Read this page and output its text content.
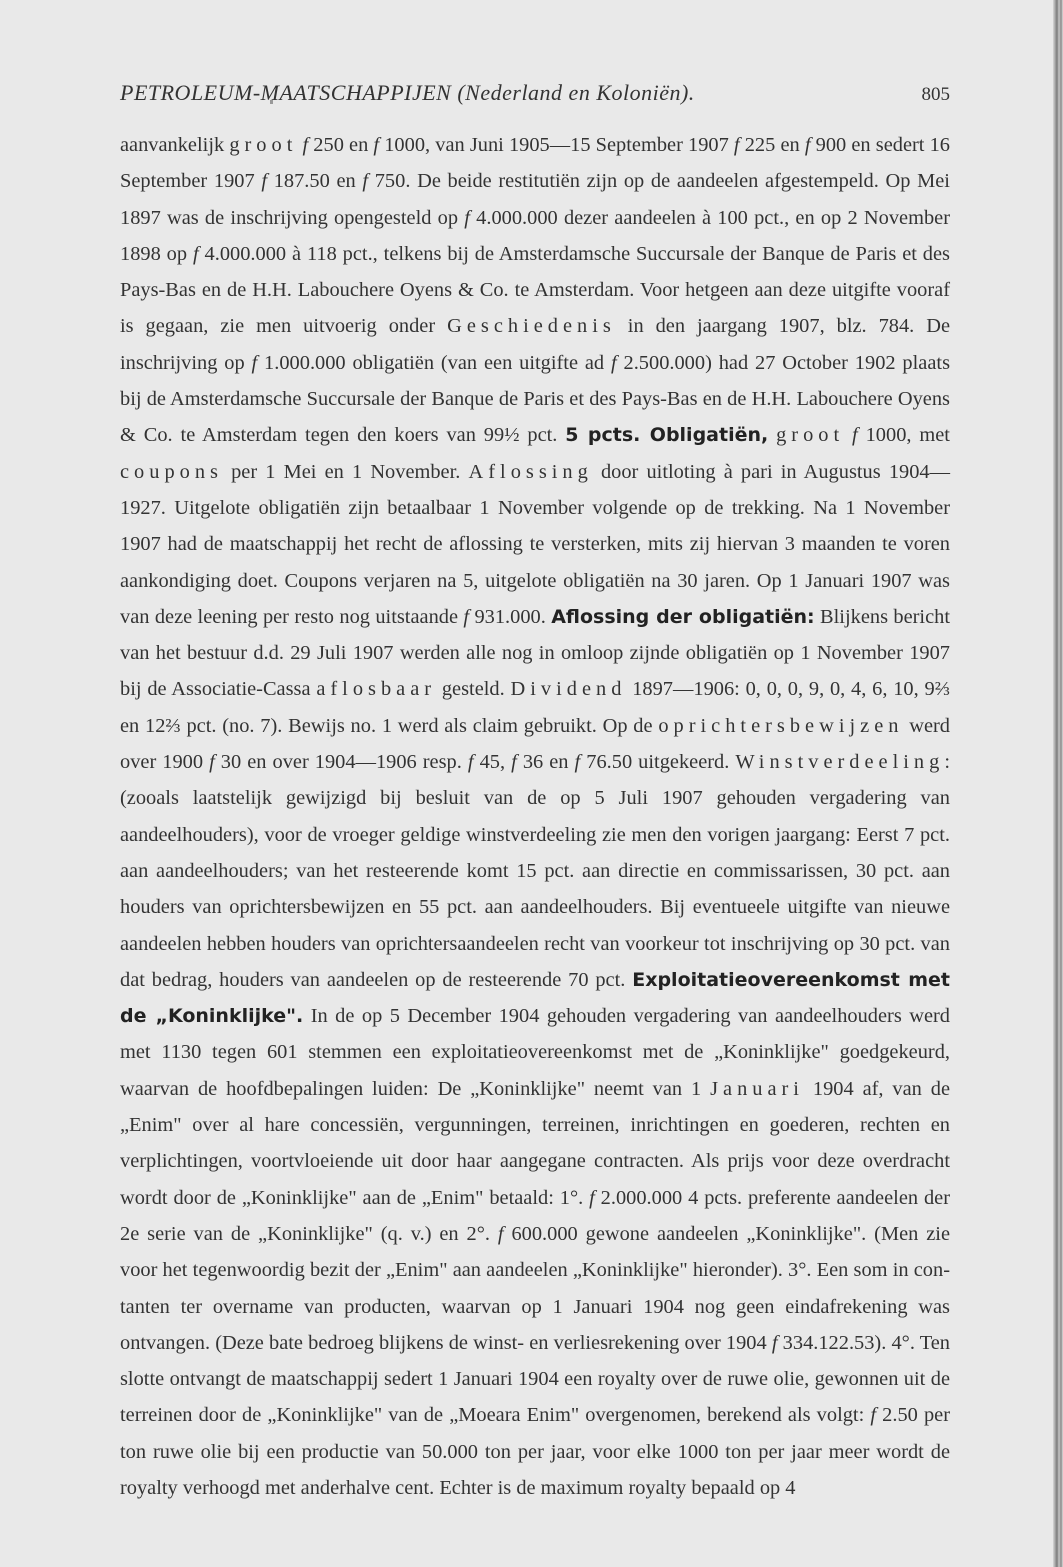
PETROLEUM-MAATSCHAPPIJEN (Nederland en Koloniën).	805
aanvankelijk groot f 250 en f 1000, van Juni 1905—15 September 1907 f 225 en f 900 en sedert 16 September 1907 f 187.50 en f 750. De beide restitutiën zijn op de aandeelen afgestempeld. Op Mei 1897 was de inschrijving opengesteld op f 4.000.000 dezer aandeelen à 100 pct., en op 2 November 1898 op f 4.000.000 à 118 pct., telkens bij de Amsterdamsche Succursale der Banque de Paris et des Pays-Bas en de H.H. Labouchere Oyens & Co. te Amsterdam. Voor hetgeen aan deze uitgifte vooraf is gegaan, zie men uitvoerig onder Geschiedenis in den jaargang 1907, blz. 784. De inschrijving op f 1.000.000 obligatiën (van een uitgifte ad f 2.500.000) had 27 October 1902 plaats bij de Amsterdamsche Succursale der Banque de Paris et des Pays-Bas en de H.H. Labouchere Oyens & Co. te Amsterdam tegen den koers van 99½ pct. 5 pcts. Obligatiën, groot f 1000, met coupons per 1 Mei en 1 November. Aflossing door uitloting à pari in Augustus 1904—1927. Uitgelote obligatiën zijn betaalbaar 1 November volgende op de trekking. Na 1 November 1907 had de maatschappij het recht de aflossing te versterken, mits zij hiervan 3 maanden te voren aankondiging doet. Coupons verjaren na 5, uitgelote obligatiën na 30 jaren. Op 1 Januari 1907 was van deze leening per resto nog uitstaande f 931.000. Aflossing der obligatiën: Blijkens bericht van het bestuur d.d. 29 Juli 1907 werden alle nog in omloop zijnde obligatiën op 1 November 1907 bij de Associatie-Cassa aflosbaar gesteld. Dividend 1897—1906: 0, 0, 0, 9, 0, 4, 6, 10, 9⅔ en 12⅔ pct. (no. 7). Bewijs no. 1 werd als claim gebruikt. Op de oprichtersbewijzen werd over 1900 f 30 en over 1904—1906 resp. f 45, f 36 en f 76.50 uitgekeerd. Winstverdeeling: (zooals laatstelijk gewijzigd bij besluit van de op 5 Juli 1907 gehouden vergadering van aandeelhouders), voor de vroeger geldige winstverdeeling zie men den vorigen jaargang: Eerst 7 pct. aan aandeelhouders; van het resteerende komt 15 pct. aan directie en commissarissen, 30 pct. aan houders van oprichtersbewijzen en 55 pct. aan aandeelhouders. Bij eventueele uitgifte van nieuwe aandeelen hebben houders van oprichtersaandeelen recht van voorkeur tot inschrijving op 30 pct. van dat bedrag, houders van aandeelen op de resteerende 70 pct. Exploitatieovereenkomst met de „Koninklijke". In de op 5 December 1904 gehouden vergadering van aandeelhouders werd met 1130 tegen 601 stemmen een exploitatieovereenkomst met de „Koninklijke" goedgekeurd, waarvan de hoofdbepalingen luiden: De „Koninklijke" neemt van 1 Januari 1904 af, van de „Enim" over al hare concessiën, vergunningen, terreinen, inrichtingen en goederen, rechten en verplichtingen, voortvloeiende uit door haar aangegane contracten. Als prijs voor deze overdracht wordt door de „Koninklijke" aan de „Enim" betaald: 1°. f 2.000.000 4 pcts. preferente aandeelen der 2e serie van de „Koninklijke" (q. v.) en 2°. f 600.000 gewone aandeelen „Koninklijke". (Men zie voor het tegenwoordig bezit der „Enim" aan aandeelen „Koninklijke" hieronder). 3°. Een som in contanten ter overname van producten, waarvan op 1 Januari 1904 nog geen eindafrekening was ontvangen. (Deze bate bedroeg blijkens de winst- en verliesrekening over 1904 f 334.122.53). 4°. Ten slotte ontvangt de maatschappij sedert 1 Januari 1904 een royalty over de ruwe olie, gewonnen uit de terreinen door de „Koninklijke" van de „Moeara Enim" overgenomen, berekend als volgt: f 2.50 per ton ruwe olie bij een productie van 50.000 ton per jaar, voor elke 1000 ton per jaar meer wordt de royalty verhoogd met anderhalve cent. Echter is de maximum royalty bepaald op 4
